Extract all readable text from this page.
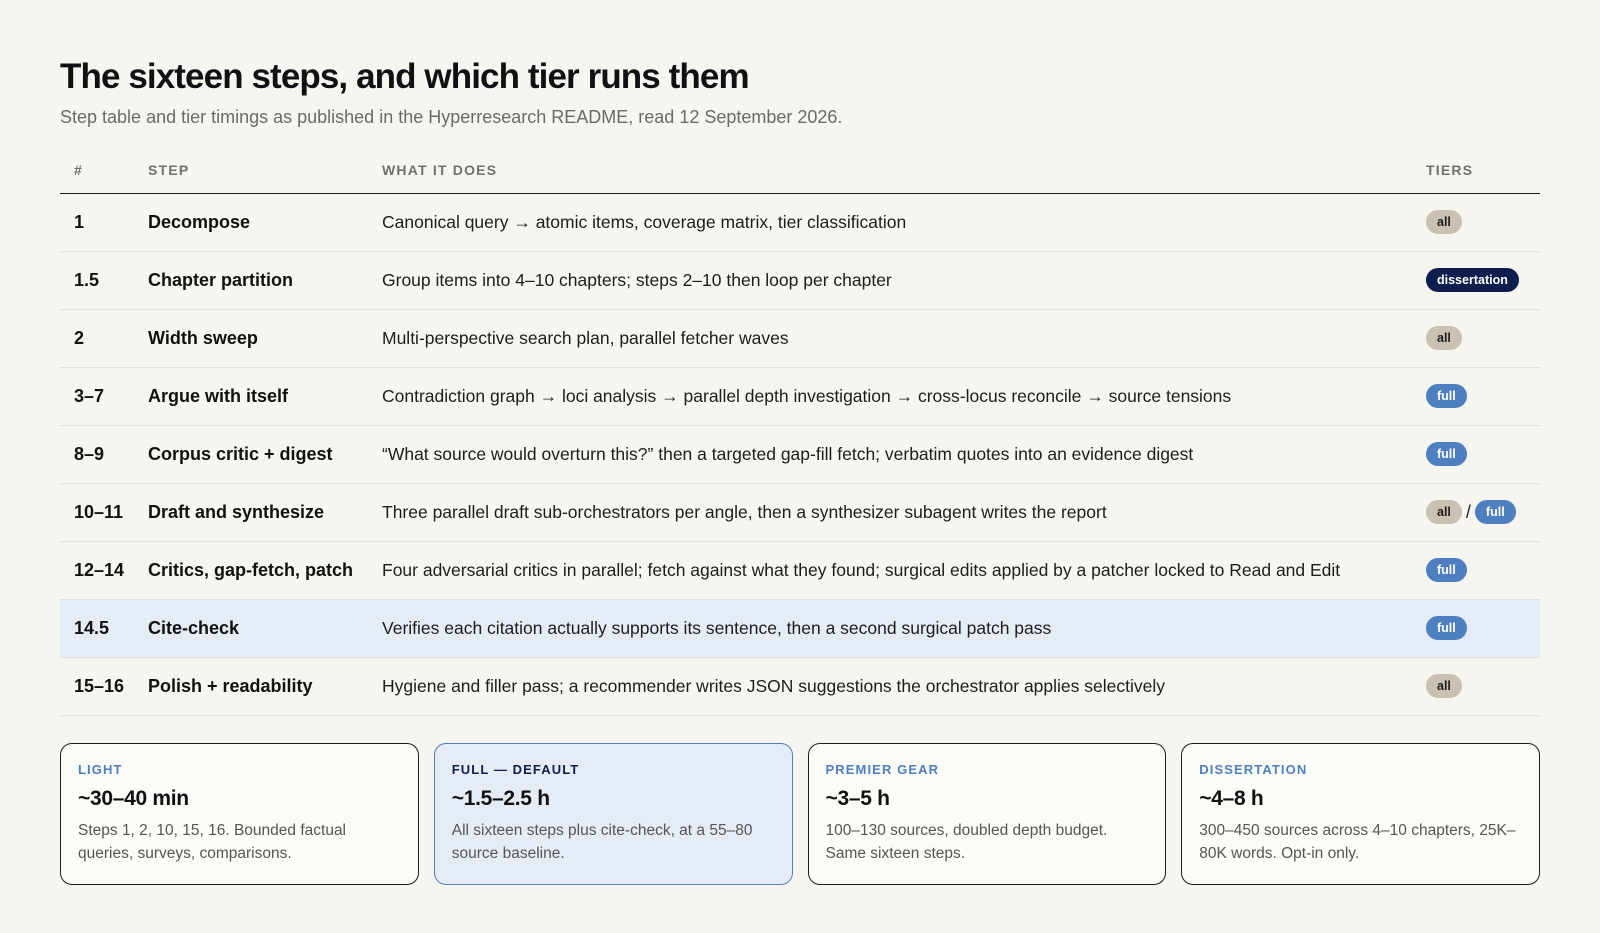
The sixteen steps, and which tier runs them

Step table and tier timings as published in the Hyperresearch README, read 12 September 2026.

#	STEP	WHAT IT DOES	TIERS
1	Decompose	Canonical query → atomic items, coverage matrix, tier classification	all
1.5	Chapter partition	Group items into 4–10 chapters; steps 2–10 then loop per chapter	dissertation
2	Width sweep	Multi-perspective search plan, parallel fetcher waves	all
3–7	Argue with itself	Contradiction graph → loci analysis → parallel depth investigation → cross-locus reconcile → source tensions	full
8–9	Corpus critic + digest	“What source would overturn this?” then a targeted gap-fill fetch; verbatim quotes into an evidence digest	full
10–11	Draft and synthesize	Three parallel draft sub-orchestrators per angle, then a synthesizer subagent writes the report	all / full
12–14	Critics, gap-fetch, patch	Four adversarial critics in parallel; fetch against what they found; surgical edits applied by a patcher locked to Read and Edit	full
14.5	Cite-check	Verifies each citation actually supports its sentence, then a second surgical patch pass	full
15–16	Polish + readability	Hygiene and filler pass; a recommender writes JSON suggestions the orchestrator applies selectively	all
LIGHT
~30–40 min
Steps 1, 2, 10, 15, 16. Bounded factual queries, surveys, comparisons.
FULL — DEFAULT
~1.5–2.5 h
All sixteen steps plus cite-check, at a 55–80 source baseline.
PREMIER GEAR
~3–5 h
100–130 sources, doubled depth budget. Same sixteen steps.
DISSERTATION
~4–8 h
300–450 sources across 4–10 chapters, 25K–80K words. Opt-in only.
